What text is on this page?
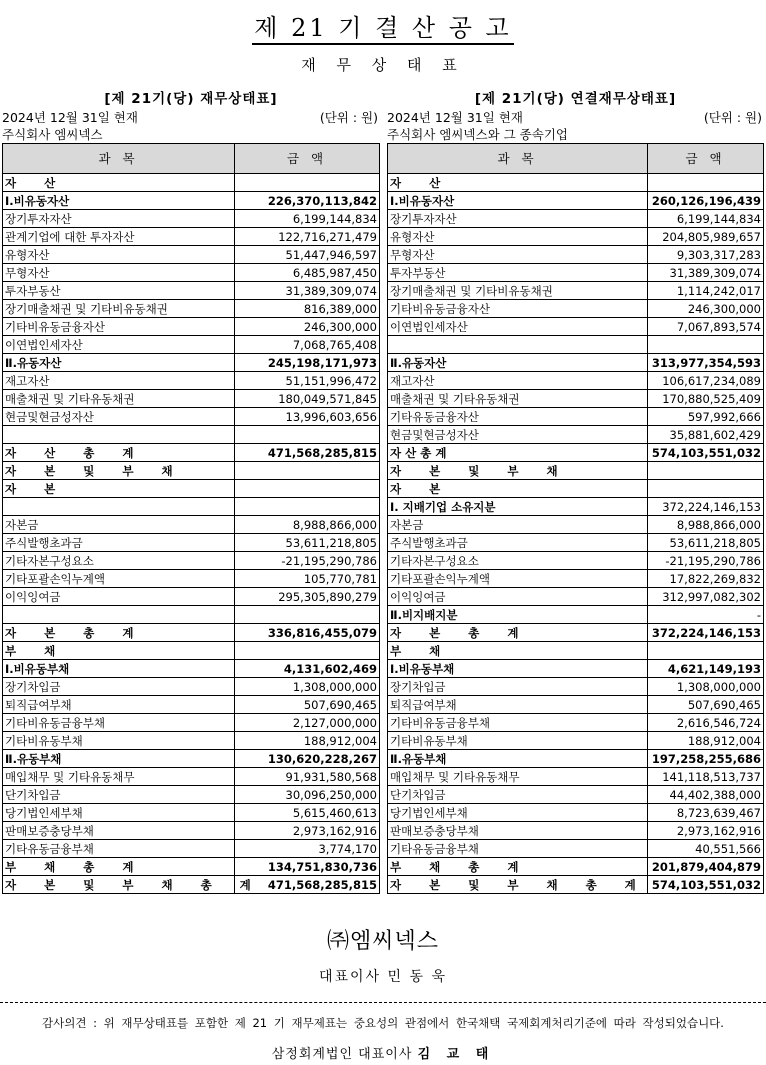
제 21 기 결 산 공 고
재 무 상 태 표
[제 21기(당) 재무상태표]
2024년 12월 31일 현재	(단위 : 원)
주식회사 엠씨넥스
과 목	금 액
자 산	
Ⅰ.비유동자산	226,370,113,842
장기투자자산	6,199,144,834
관계기업에 대한 투자자산	122,716,271,479
유형자산	51,447,946,597
무형자산	6,485,987,450
투자부동산	31,389,309,074
장기매출채권 및 기타비유동채권	816,389,000
기타비유동금융자산	246,300,000
이연법인세자산	7,068,765,408
Ⅱ.유동자산	245,198,171,973
재고자산	51,151,996,472
매출채권 및 기타유동채권	180,049,571,845
현금및현금성자산	13,996,603,656

자 산 총 계	471,568,285,815
자 본 및 부 채	
자 본	

자본금	8,988,866,000
주식발행초과금	53,611,218,805
기타자본구성요소	-21,195,290,786
기타포괄손익누계액	105,770,781
이익잉여금	295,305,890,279

자 본 총 계	336,816,455,079
부 채	
Ⅰ.비유동부채	4,131,602,469
장기차입금	1,308,000,000
퇴직급여부채	507,690,465
기타비유동금융부채	2,127,000,000
기타비유동부채	188,912,004
Ⅱ.유동부채	130,620,228,267
매입채무 및 기타유동채무	91,931,580,568
단기차입금	30,096,250,000
당기법인세부채	5,615,460,613
판매보증충당부채	2,973,162,916
기타유동금융부채	3,774,170
부 채 총 계	134,751,830,736
자 본 및 부 채 총 계	471,568,285,815
[제 21기(당) 연결재무상태표]
2024년 12월 31일 현재	(단위 : 원)
주식회사 엠씨넥스와 그 종속기업
과 목	금 액
자 산	
Ⅰ.비유동자산	260,126,196,439
장기투자자산	6,199,144,834
유형자산	204,805,989,657
무형자산	9,303,317,283
투자부동산	31,389,309,074
장기매출채권 및 기타비유동채권	1,114,242,017
기타비유동금융자산	246,300,000
이연법인세자산	7,067,893,574

Ⅱ.유동자산	313,977,354,593
재고자산	106,617,234,089
매출채권 및 기타유동채권	170,880,525,409
기타유동금융자산	597,992,666
현금및현금성자산	35,881,602,429
자 산 총 계	574,103,551,032
자 본 및 부 채	
자 본	
Ⅰ. 지배기업 소유지분	372,224,146,153
자본금	8,988,866,000
주식발행초과금	53,611,218,805
기타자본구성요소	-21,195,290,786
기타포괄손익누계액	17,822,269,832
이익잉여금	312,997,082,302
Ⅱ.비지배지분	-
자 본 총 계	372,224,146,153
부 채	
Ⅰ.비유동부채	4,621,149,193
장기차입금	1,308,000,000
퇴직급여부채	507,690,465
기타비유동금융부채	2,616,546,724
기타비유동부채	188,912,004
Ⅱ.유동부채	197,258,255,686
매입채무 및 기타유동채무	141,118,513,737
단기차입금	44,402,388,000
당기법인세부채	8,723,639,467
판매보증충당부채	2,973,162,916
기타유동금융부채	40,551,566
부 채 총 계	201,879,404,879
자 본 및 부 채 총 계	574,103,551,032
㈜엠씨넥스
대표이사 민 동 욱
감사의견 : 위 재무상태표를 포함한 제 21 기 재무제표는 중요성의 관점에서 한국채택 국제회계처리기준에 따라 작성되었습니다.
삼정회계법인 대표이사 김 교 태
